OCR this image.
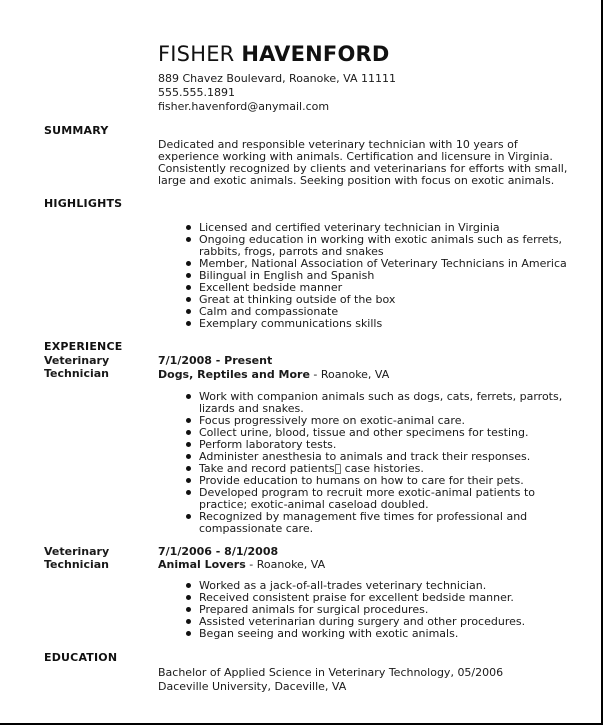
FISHER HAVENFORD
889 Chavez Boulevard, Roanoke, VA 11111
555.555.1891
fisher.havenford@anymail.com
SUMMARY
Dedicated and responsible veterinary technician with 10 years of
experience working with animals. Certification and licensure in Virginia.
Consistently recognized by clients and veterinarians for efforts with small,
large and exotic animals. Seeking position with focus on exotic animals.
HIGHLIGHTS
Licensed and certified veterinary technician in Virginia
Ongoing education in working with exotic animals such as ferrets,
rabbits, frogs, parrots and snakes
Member, National Association of Veterinary Technicians in America
Bilingual in English and Spanish
Excellent bedside manner
Great at thinking outside of the box
Calm and compassionate
Exemplary communications skills
EXPERIENCE
Veterinary
Technician
7/1/2008 - Present
Dogs, Reptiles and More - Roanoke, VA
Work with companion animals such as dogs, cats, ferrets, parrots,
lizards and snakes.
Focus progressively more on exotic-animal care.
Collect urine, blood, tissue and other specimens for testing.
Perform laboratory tests.
Administer anesthesia to animals and track their responses.
Take and record patients  case histories.
Provide education to humans on how to care for their pets.
Developed program to recruit more exotic-animal patients to
practice; exotic-animal caseload doubled.
Recognized by management five times for professional and
compassionate care.
Veterinary
Technician
7/1/2006 - 8/1/2008
Animal Lovers - Roanoke, VA
Worked as a jack-of-all-trades veterinary technician.
Received consistent praise for excellent bedside manner.
Prepared animals for surgical procedures.
Assisted veterinarian during surgery and other procedures.
Began seeing and working with exotic animals.
EDUCATION
Bachelor of Applied Science in Veterinary Technology, 05/2006
Daceville University, Daceville, VA
